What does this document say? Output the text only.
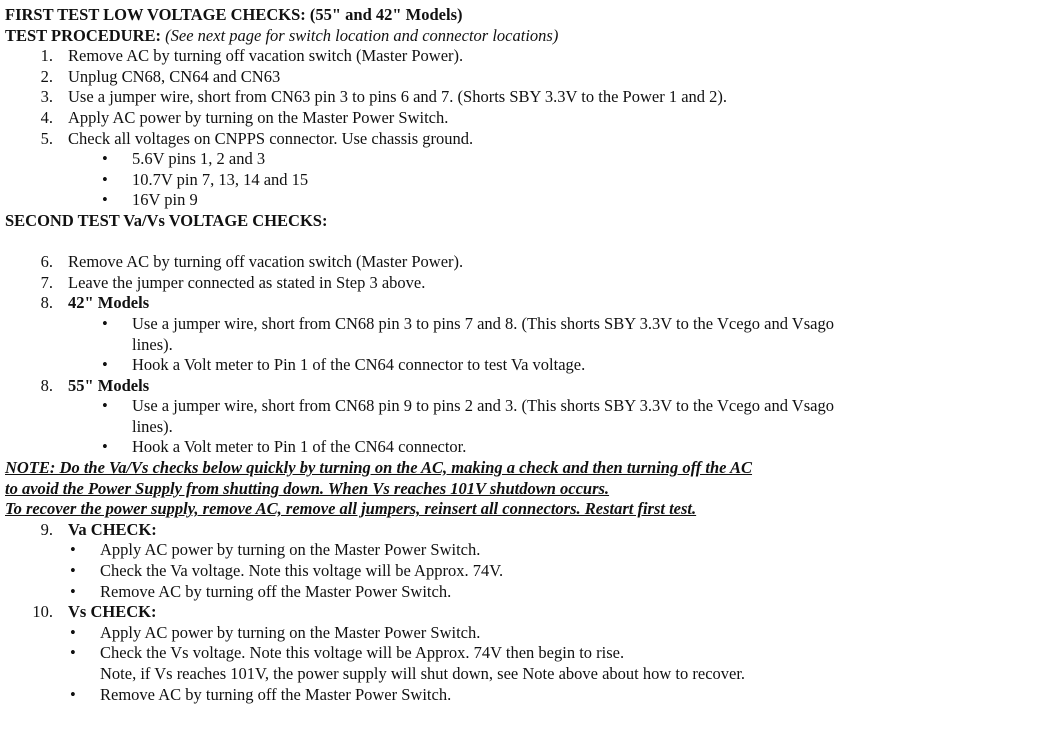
FIRST TEST LOW VOLTAGE CHECKS: (55" and 42" Models)

TEST PROCEDURE: (See next page for switch location and connector locations)

1. Remove AC by turning off vacation switch (Master Power).
2. Unplug CN68, CN64 and CN63
3. Use a jumper wire, short from CN63 pin 3 to pins 6 and 7. (Shorts SBY 3.3V to the Power 1 and 2).
4. Apply AC power by turning on the Master Power Switch.
5. Check all voltages on CNPPS connector. Use chassis ground.
• 5.6V pins 1, 2 and 3
• 10.7V pin 7, 13, 14 and 15
• 16V pin 9

SECOND TEST Va/Vs VOLTAGE CHECKS:

6. Remove AC by turning off vacation switch (Master Power).
7. Leave the jumper connected as stated in Step 3 above.
8. 42" Models
• Use a jumper wire, short from CN68 pin 3 to pins 7 and 8. (This shorts SBY 3.3V to the Vcego and Vsago lines).
• Hook a Volt meter to Pin 1 of the CN64 connector to test Va voltage.
8. 55" Models
• Use a jumper wire, short from CN68 pin 9 to pins 2 and 3. (This shorts SBY 3.3V to the Vcego and Vsago lines).
• Hook a Volt meter to Pin 1 of the CN64 connector.
NOTE: Do the Va/Vs checks below quickly by turning on the AC, making a check and then turning off the AC
to avoid the Power Supply from shutting down. When Vs reaches 101V shutdown occurs.
To recover the power supply, remove AC, remove all jumpers, reinsert all connectors. Restart first test.
9. Va CHECK:
• Apply AC power by turning on the Master Power Switch.
• Check the Va voltage. Note this voltage will be Approx. 74V.
• Remove AC by turning off the Master Power Switch.
10. Vs CHECK:
• Apply AC power by turning on the Master Power Switch.
• Check the Vs voltage. Note this voltage will be Approx. 74V then begin to rise.
Note, if Vs reaches 101V, the power supply will shut down, see Note above about how to recover.
• Remove AC by turning off the Master Power Switch.
